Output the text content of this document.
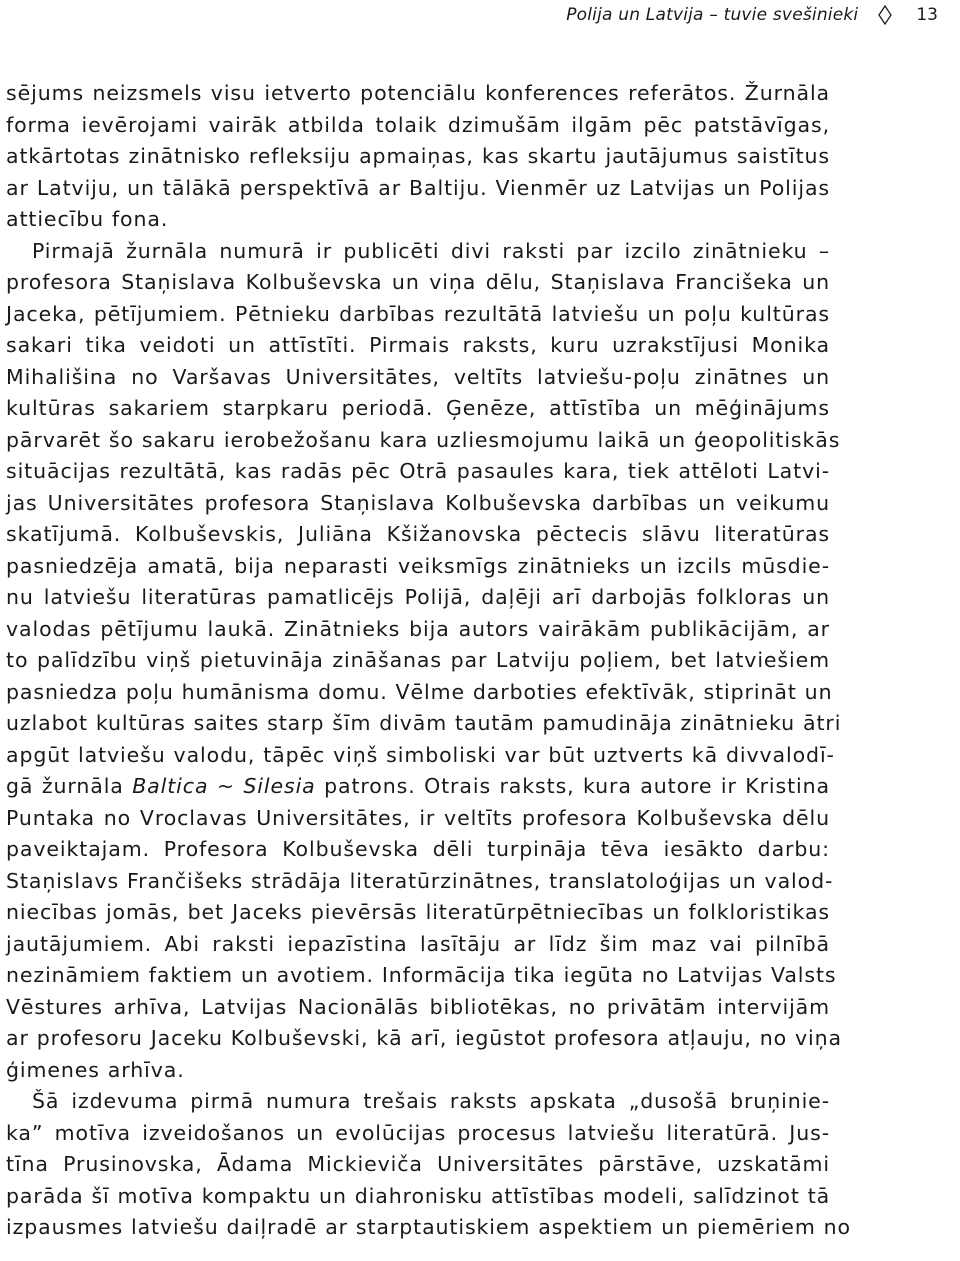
Polija un Latvija – tuvie svešinieki	13

sējums neizsmels visu ietverto potenciālu konferences referātos. Žurnāla
forma ievērojami vairāk atbilda tolaik dzimušām ilgām pēc patstāvīgas,
atkārtotas zinātnisko refleksiju apmaiņas, kas skartu jautājumus saistītus
ar Latviju, un tālākā perspektīvā ar Baltiju. Vienmēr uz Latvijas un Polijas
attiecību fona.

Pirmajā žurnāla numurā ir publicēti divi raksti par izcilo zinātnieku –
profesora Staņislava Kolbuševska un viņa dēlu, Staņislava Francišeka un
Jaceka, pētījumiem. Pētnieku darbības rezultātā latviešu un poļu kultūras
sakari tika veidoti un attīstīti. Pirmais raksts, kuru uzrakstījusi Monika
Mihališina no Varšavas Universitātes, veltīts latviešu-poļu zinātnes un
kultūras sakariem starpkaru periodā. Ģenēze, attīstība un mēģinājums
pārvarēt šo sakaru ierobežošanu kara uzliesmojumu laikā un ģeopolitiskās
situācijas rezultātā, kas radās pēc Otrā pasaules kara, tiek attēloti Latvi-
jas Universitātes profesora Staņislava Kolbuševska darbības un veikumu
skatījumā. Kolbuševskis, Juliāna Kšižanovska pēctecis slāvu literatūras
pasniedzēja amatā, bija neparasti veiksmīgs zinātnieks un izcils mūsdie-
nu latviešu literatūras pamatlicējs Polijā, daļēji arī darbojās folkloras un
valodas pētījumu laukā. Zinātnieks bija autors vairākām publikācijām, ar
to palīdzību viņš pietuvināja zināšanas par Latviju poļiem, bet latviešiem
pasniedza poļu humānisma domu. Vēlme darboties efektīvāk, stiprināt un
uzlabot kultūras saites starp šīm divām tautām pamudināja zinātnieku ātri
apgūt latviešu valodu, tāpēc viņš simboliski var būt uztverts kā divvalodī-
gā žurnāla Baltica ~ Silesia patrons. Otrais raksts, kura autore ir Kristina
Puntaka no Vroclavas Universitātes, ir veltīts profesora Kolbuševska dēlu
paveiktajam. Profesora Kolbuševska dēli turpināja tēva iesākto darbu:
Staņislavs Frančišeks strādāja literatūrzinātnes, translatoloģijas un valod-
niecības jomās, bet Jaceks pievērsās literatūrpētniecības un folkloristikas
jautājumiem. Abi raksti iepazīstina lasītāju ar līdz šim maz vai pilnībā
nezināmiem faktiem un avotiem. Informācija tika iegūta no Latvijas Valsts
Vēstures arhīva, Latvijas Nacionālās bibliotēkas, no privātām intervijām
ar profesoru Jaceku Kolbuševski, kā arī, iegūstot profesora atļauju, no viņa
ģimenes arhīva.

Šā izdevuma pirmā numura trešais raksts apskata „dusošā bruņinie-
ka” motīva izveidošanos un evolūcijas procesus latviešu literatūrā. Jus-
tīna Prusinovska, Ādama Mickieviča Universitātes pārstāve, uzskatāmi
parāda šī motīva kompaktu un diahronisku attīstības modeli, salīdzinot tā
izpausmes latviešu daiļradē ar starptautiskiem aspektiem un piemēriem no
